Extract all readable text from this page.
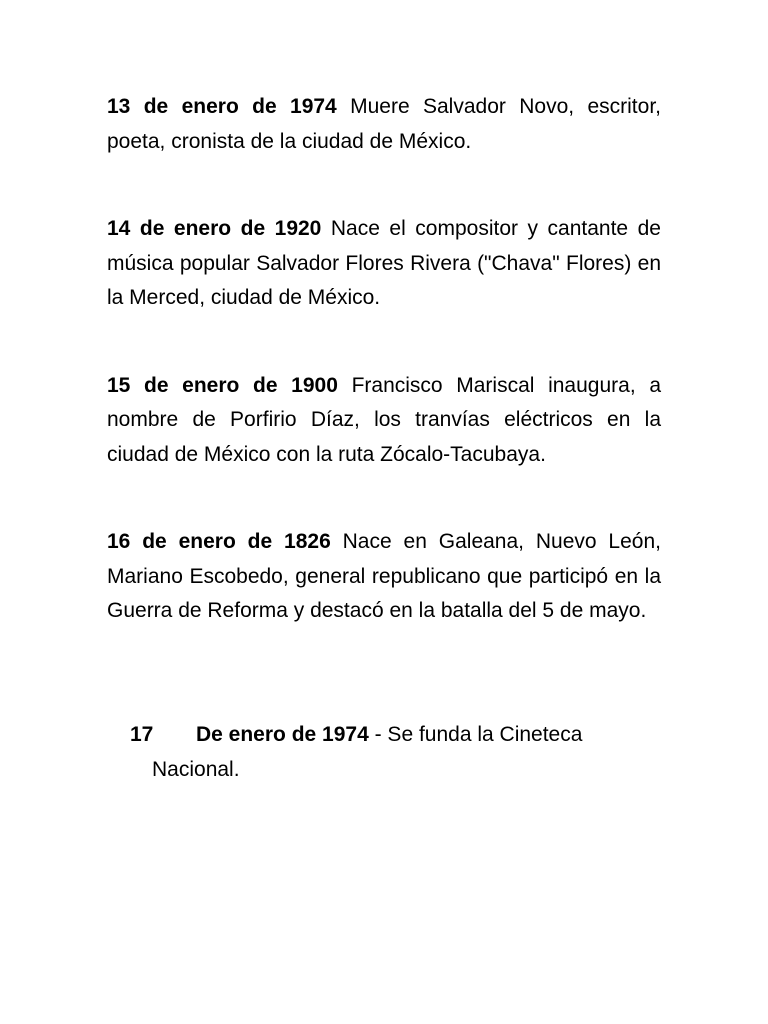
13 de enero de 1974 Muere Salvador Novo, escritor, poeta, cronista de la ciudad de México.

14 de enero de 1920 Nace el compositor y cantante de música popular Salvador Flores Rivera ("Chava" Flores) en la Merced, ciudad de México.

15 de enero de 1900 Francisco Mariscal inaugura, a nombre de Porfirio Díaz, los tranvías eléctricos en la ciudad de México con la ruta Zócalo-Tacubaya.

16 de enero de 1826 Nace en Galeana, Nuevo León, Mariano Escobedo, general republicano que participó en la Guerra de Reforma y destacó en la batalla del 5 de mayo.

17 De enero de 1974 - Se funda la Cineteca
Nacional.
